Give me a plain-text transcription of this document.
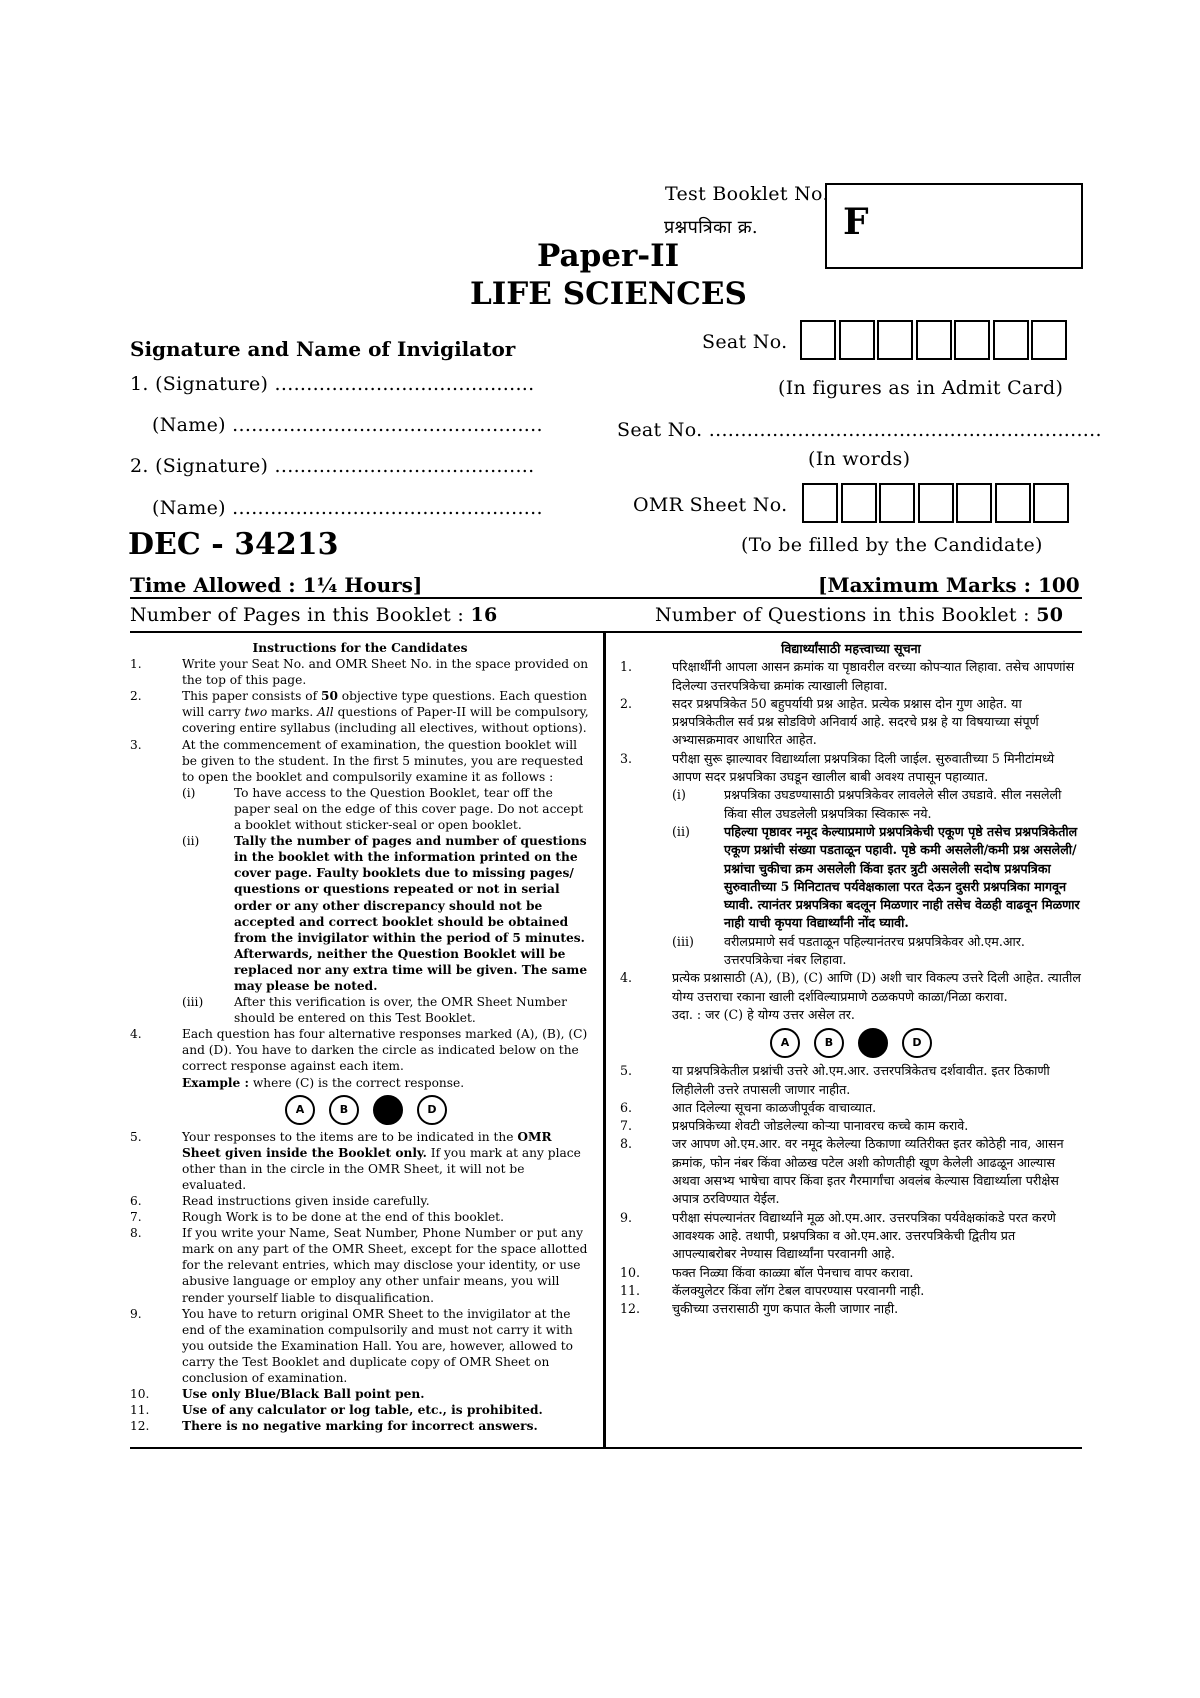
Test Booklet No.
प्रश्नपत्रिका क्र. F
Paper-II
LIFE SCIENCES
Signature and Name of Invigilator
1. (Signature) .........................................
(Name) .................................................
2. (Signature) .........................................
(Name) .................................................
Seat No.
(In figures as in Admit Card)
Seat No. ..............................................................
(In words)
OMR Sheet No.
(To be filled by the Candidate)
DEC - 34213
Time Allowed : 1¼ Hours]	[Maximum Marks : 100
Number of Pages in this Booklet : 16	Number of Questions in this Booklet : 50
Instructions for the Candidates
1.	Write your Seat No. and OMR Sheet No. in the space provided on the top of this page.
2.	This paper consists of 50 objective type questions. Each question will carry two marks. All questions of Paper-II will be compulsory, covering entire syllabus (including all electives, without options).
3.	At the commencement of examination, the question booklet will be given to the student. In the first 5 minutes, you are requested to open the booklet and compulsorily examine it as follows :
(i)	To have access to the Question Booklet, tear off the paper seal on the edge of this cover page. Do not accept a booklet without sticker-seal or open booklet.
(ii)	Tally the number of pages and number of questions in the booklet with the information printed on the cover page. Faulty booklets due to missing pages/ questions or questions repeated or not in serial order or any other discrepancy should not be accepted and correct booklet should be obtained from the invigilator within the period of 5 minutes. Afterwards, neither the Question Booklet will be replaced nor any extra time will be given. The same may please be noted.
(iii)	After this verification is over, the OMR Sheet Number should be entered on this Test Booklet.
4.	Each question has four alternative responses marked (A), (B), (C) and (D). You have to darken the circle as indicated below on the correct response against each item.
Example : where (C) is the correct response.
A	B	C	D
5.	Your responses to the items are to be indicated in the OMR Sheet given inside the Booklet only. If you mark at any place other than in the circle in the OMR Sheet, it will not be evaluated.
6.	Read instructions given inside carefully.
7.	Rough Work is to be done at the end of this booklet.
8.	If you write your Name, Seat Number, Phone Number or put any mark on any part of the OMR Sheet, except for the space allotted for the relevant entries, which may disclose your identity, or use abusive language or employ any other unfair means, you will render yourself liable to disqualification.
9.	You have to return original OMR Sheet to the invigilator at the end of the examination compulsorily and must not carry it with you outside the Examination Hall. You are, however, allowed to carry the Test Booklet and duplicate copy of OMR Sheet on conclusion of examination.
10.	Use only Blue/Black Ball point pen.
11.	Use of any calculator or log table, etc., is prohibited.
12.	There is no negative marking for incorrect answers.
विद्यार्थ्यांसाठी महत्त्वाच्या सूचना
1.	परिक्षार्थींनी आपला आसन क्रमांक या पृष्ठावरील वरच्या कोपऱ्यात लिहावा. तसेच आपणांस दिलेल्या उत्तरपत्रिकेचा क्रमांक त्याखाली लिहावा.
2.	सदर प्रश्नपत्रिकेत 50 बहुपर्यायी प्रश्न आहेत. प्रत्येक प्रश्नास दोन गुण आहेत. या प्रश्नपत्रिकेतील सर्व प्रश्न सोडविणे अनिवार्य आहे. सदरचे प्रश्न हे या विषयाच्या संपूर्ण अभ्यासक्रमावर आधारित आहेत.
3.	परीक्षा सुरू झाल्यावर विद्यार्थ्याला प्रश्नपत्रिका दिली जाईल. सुरुवातीच्या 5 मिनीटांमध्ये आपण सदर प्रश्नपत्रिका उघडून खालील बाबी अवश्य तपासून पहाव्यात.
(i)	प्रश्नपत्रिका उघडण्यासाठी प्रश्नपत्रिकेवर लावलेले सील उघडावे. सील नसलेली किंवा सील उघडलेली प्रश्नपत्रिका स्विकारू नये.
(ii)	पहिल्या पृष्ठावर नमूद केल्याप्रमाणे प्रश्नपत्रिकेची एकूण पृष्ठे तसेच प्रश्नपत्रिकेतील एकूण प्रश्नांची संख्या पडताळून पहावी. पृष्ठे कमी असलेली/कमी प्रश्न असलेली/प्रश्नांचा चुकीचा क्रम असलेली किंवा इतर त्रुटी असलेली सदोष प्रश्नपत्रिका सुरुवातीच्या 5 मिनिटातच पर्यवेक्षकाला परत देऊन दुसरी प्रश्नपत्रिका मागवून घ्यावी. त्यानंतर प्रश्नपत्रिका बदलून मिळणार नाही तसेच वेळही वाढवून मिळणार नाही याची कृपया विद्यार्थ्यांनी नोंद घ्यावी.
(iii)	वरीलप्रमाणे सर्व पडताळून पहिल्यानंतरच प्रश्नपत्रिकेवर ओ.एम.आर. उत्तरपत्रिकेचा नंबर लिहावा.
4.	प्रत्येक प्रश्नासाठी (A), (B), (C) आणि (D) अशी चार विकल्प उत्तरे दिली आहेत. त्यातील योग्य उत्तराचा रकाना खाली दर्शविल्याप्रमाणे ठळकपणे काळा/निळा करावा.
उदा. : जर (C) हे योग्य उत्तर असेल तर.
A	B	C	D
5.	या प्रश्नपत्रिकेतील प्रश्नांची उत्तरे ओ.एम.आर. उत्तरपत्रिकेतच दर्शवावीत. इतर ठिकाणी लिहीलेली उत्तरे तपासली जाणार नाहीत.
6.	आत दिलेल्या सूचना काळजीपूर्वक वाचाव्यात.
7.	प्रश्नपत्रिकेच्या शेवटी जोडलेल्या कोऱ्या पानावरच कच्चे काम करावे.
8.	जर आपण ओ.एम.आर. वर नमूद केलेल्या ठिकाणा व्यतिरीक्त इतर कोठेही नाव, आसन क्रमांक, फोन नंबर किंवा ओळख पटेल अशी कोणतीही खूण केलेली आढळून आल्यास अथवा असभ्य भाषेचा वापर किंवा इतर गैरमार्गांचा अवलंब केल्यास विद्यार्थ्याला परीक्षेस अपात्र ठरविण्यात येईल.
9.	परीक्षा संपल्यानंतर विद्यार्थ्याने मूळ ओ.एम.आर. उत्तरपत्रिका पर्यवेक्षकांकडे परत करणे आवश्यक आहे. तथापी, प्रश्नपत्रिका व ओ.एम.आर. उत्तरपत्रिकेची द्वितीय प्रत आपल्याबरोबर नेण्यास विद्यार्थ्यांना परवानगी आहे.
10.	फक्त निळ्या किंवा काळ्या बॉल पेनचाच वापर करावा.
11.	कॅलक्युलेटर किंवा लॉग टेबल वापरण्यास परवानगी नाही.
12.	चुकीच्या उत्तरासाठी गुण कपात केली जाणार नाही.
